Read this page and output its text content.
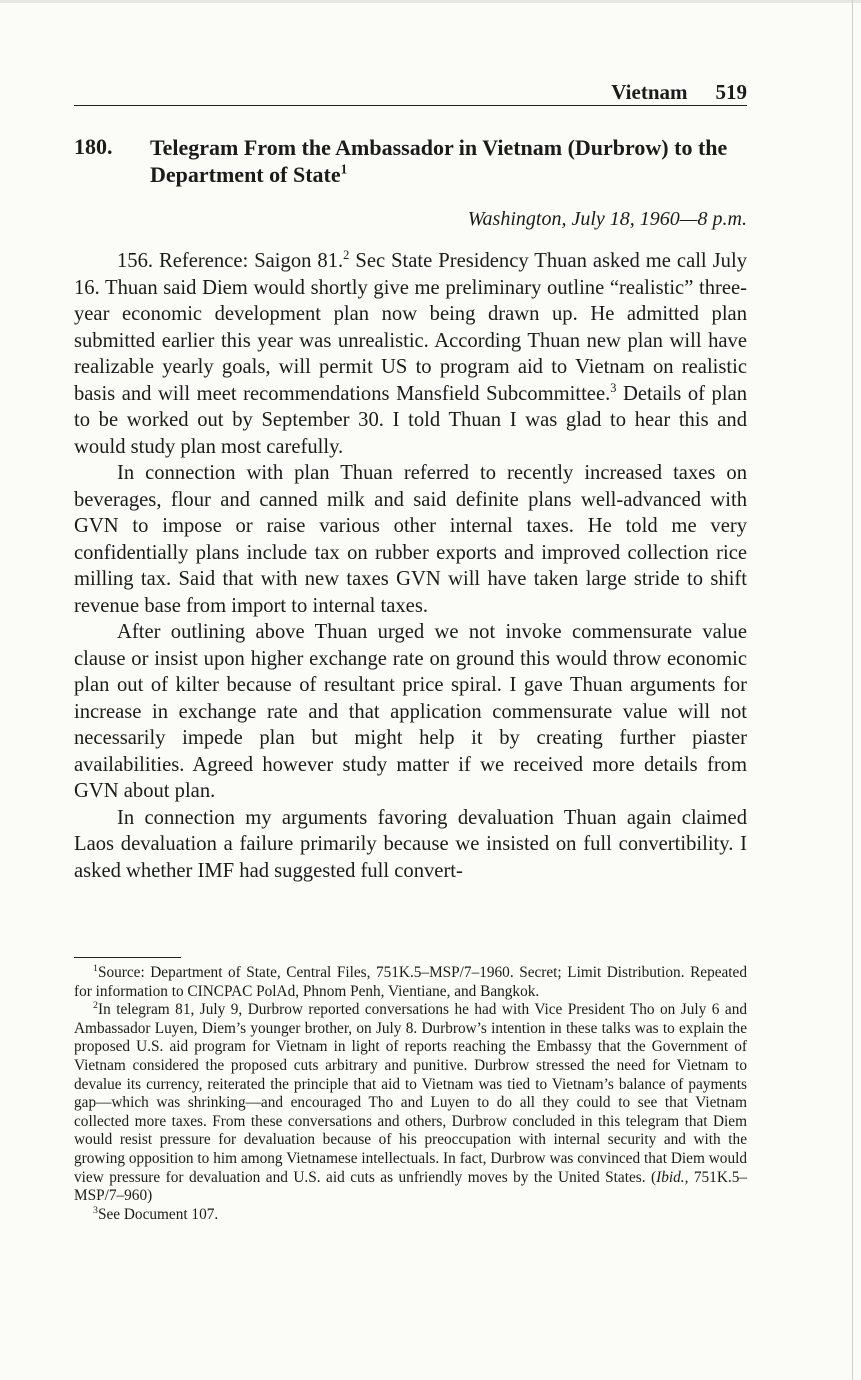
Vietnam 519
180. Telegram From the Ambassador in Vietnam (Durbrow) to the Department of State$^1$
Washington, July 18, 1960—8 p.m.

156. Reference: Saigon 81.$^2$ Sec State Presidency Thuan asked me call July 16. Thuan said Diem would shortly give me preliminary outline “realistic” three-year economic development plan now being drawn up. He admitted plan submitted earlier this year was unrealistic. According Thuan new plan will have realizable yearly goals, will permit US to program aid to Vietnam on realistic basis and will meet recommendations Mansfield Subcommittee.$^3$ Details of plan to be worked out by September 30. I told Thuan I was glad to hear this and would study plan most carefully.

In connection with plan Thuan referred to recently increased taxes on beverages, flour and canned milk and said definite plans well-advanced with GVN to impose or raise various other internal taxes. He told me very confidentially plans include tax on rubber exports and improved collection rice milling tax. Said that with new taxes GVN will have taken large stride to shift revenue base from import to internal taxes.

After outlining above Thuan urged we not invoke commensurate value clause or insist upon higher exchange rate on ground this would throw economic plan out of kilter because of resultant price spiral. I gave Thuan arguments for increase in exchange rate and that application commensurate value will not necessarily impede plan but might help it by creating further piaster availabilities. Agreed however study matter if we received more details from GVN about plan.

In connection my arguments favoring devaluation Thuan again claimed Laos devaluation a failure primarily because we insisted on full convertibility. I asked whether IMF had suggested full convert-

$^1$Source: Department of State, Central Files, 751K.5–MSP/7–1960. Secret; Limit Distribution. Repeated for information to CINCPAC PolAd, Phnom Penh, Vientiane, and Bangkok.

$^2$In telegram 81, July 9, Durbrow reported conversations he had with Vice President Tho on July 6 and Ambassador Luyen, Diem’s younger brother, on July 8. Durbrow’s intention in these talks was to explain the proposed U.S. aid program for Vietnam in light of reports reaching the Embassy that the Government of Vietnam considered the proposed cuts arbitrary and punitive. Durbrow stressed the need for Vietnam to devalue its currency, reiterated the principle that aid to Vietnam was tied to Vietnam’s balance of payments gap—which was shrinking—and encouraged Tho and Luyen to do all they could to see that Vietnam collected more taxes. From these conversations and others, Durbrow concluded in this telegram that Diem would resist pressure for devaluation because of his preoccupation with internal security and with the growing opposition to him among Vietnamese intellectuals. In fact, Durbrow was convinced that Diem would view pressure for devaluation and U.S. aid cuts as unfriendly moves by the United States. (Ibid., 751K.5–MSP/7–960)

$^3$See Document 107.
